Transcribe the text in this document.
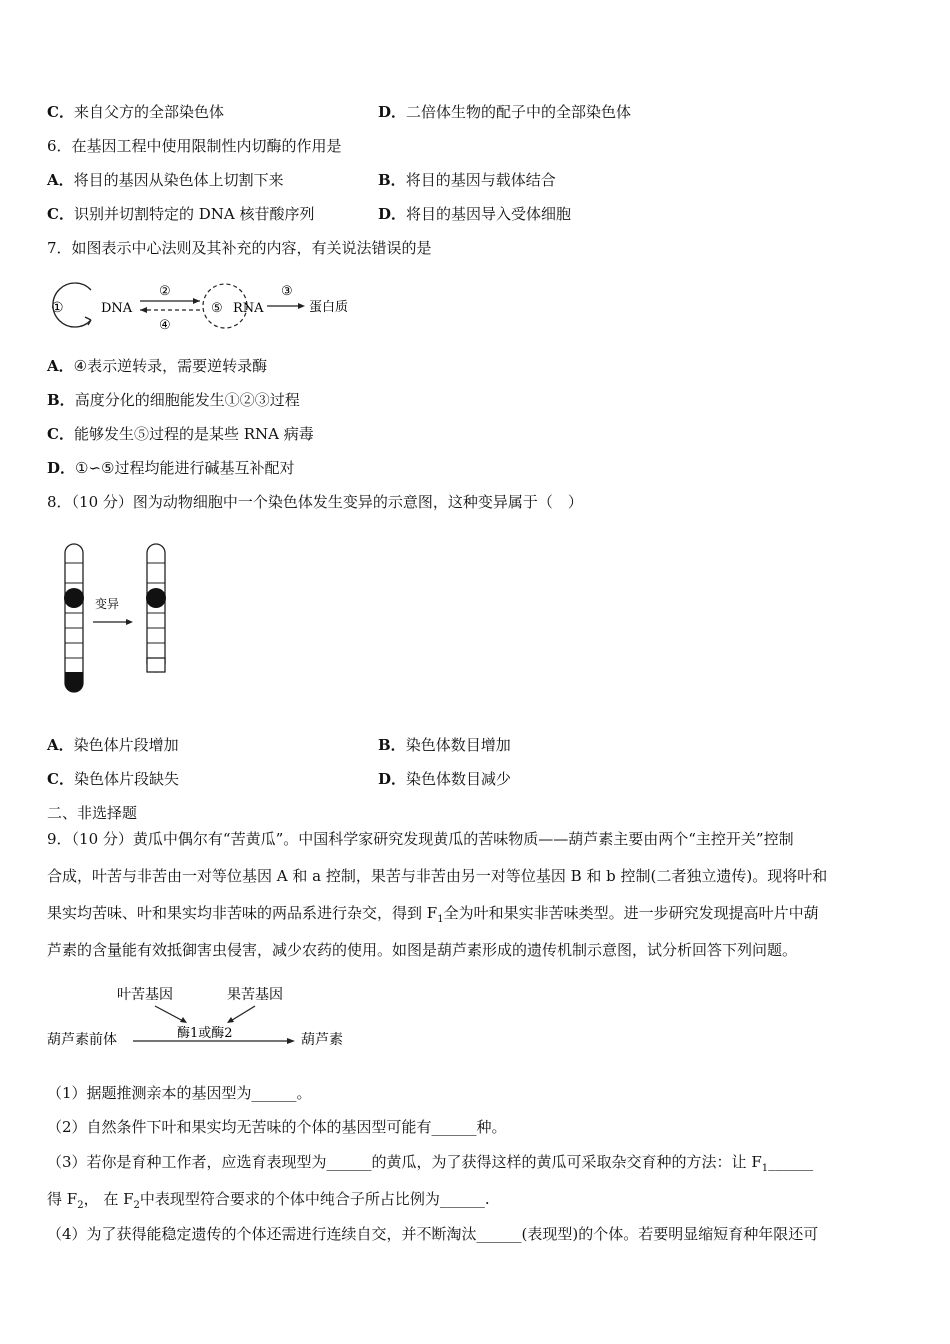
C．来自父方的全部染色体	D．二倍体生物的配子中的全部染色体
6．在基因工程中使用限制性内切酶的作用是
A．将目的基因从染色体上切割下来	B．将目的基因与载体结合
C．识别并切割特定的 DNA 核苷酸序列	D．将目的基因导入受体细胞
7．如图表示中心法则及其补充的内容，有关说法错误的是
①	DNA
②
④
⑤ RNA
③
蛋白质
A．④表示逆转录，需要逆转录酶
B．高度分化的细胞能发生①②③过程
C．能够发生⑤过程的是某些 RNA 病毒
D．①∽⑤过程均能进行碱基互补配对
8．（10 分）图为动物细胞中一个染色体发生变异的示意图，这种变异属于（　）
变异
A．染色体片段增加	B．染色体数目增加
C．染色体片段缺失	D．染色体数目减少
二、非选择题
9．（10 分）黄瓜中偶尔有“苦黄瓜”。中国科学家研究发现黄瓜的苦味物质——葫芦素主要由两个“主控开关”控制
合成，叶苦与非苦由一对等位基因 A 和 a 控制，果苦与非苦由另一对等位基因 B 和 b 控制(二者独立遗传)。现将叶和
果实均苦味、叶和果实均非苦味的两品系进行杂交，得到 $F_1$全为叶和果实非苦味类型。进一步研究发现提高叶片中葫
芦素的含量能有效抵御害虫侵害，减少农药的使用。如图是葫芦素形成的遗传机制示意图，试分析回答下列问题。
叶苦基因	果苦基因
酶1或酶2
葫芦素前体	葫芦素
（1）据题推测亲本的基因型为______。
（2）自然条件下叶和果实均无苦味的个体的基因型可能有______种。
（3）若你是育种工作者，应选育表现型为______的黄瓜，为了获得这样的黄瓜可采取杂交育种的方法：让 $F_1\_\_\_\_\_\_$
得 $F_2$， 在 $F_2$中表现型符合要求的个体中纯合子所占比例为______.
（4）为了获得能稳定遗传的个体还需进行连续自交，并不断淘汰______(表现型)的个体。若要明显缩短育种年限还可
